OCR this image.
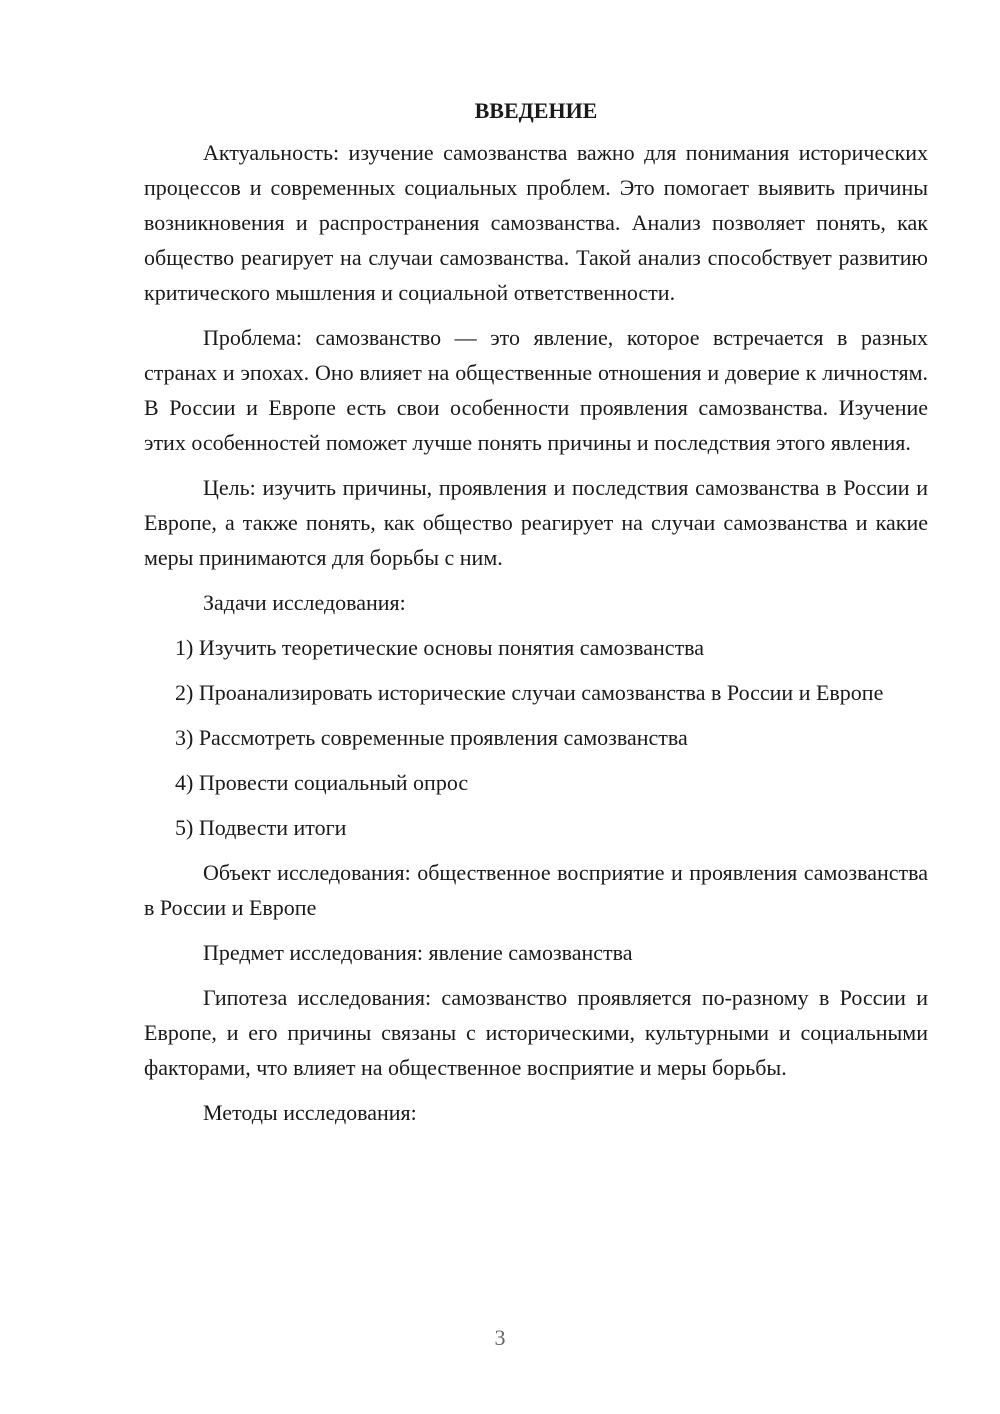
ВВЕДЕНИЕ

Актуальность: изучение самозванства важно для понимания исторических процессов и современных социальных проблем. Это помогает выявить причины возникновения и распространения самозванства. Анализ позволяет понять, как общество реагирует на случаи самозванства. Такой анализ способствует развитию критического мышления и социальной ответственности.

Проблема: самозванство — это явление, которое встречается в разных странах и эпохах. Оно влияет на общественные отношения и доверие к личностям. В России и Европе есть свои особенности проявления самозванства. Изучение этих особенностей поможет лучше понять причины и последствия этого явления.

Цель: изучить причины, проявления и последствия самозванства в России и Европе, а также понять, как общество реагирует на случаи самозванства и какие меры принимаются для борьбы с ним.

Задачи исследования:

1) Изучить теоретические основы понятия самозванства

2) Проанализировать исторические случаи самозванства в России и Европе

3) Рассмотреть современные проявления самозванства

4) Провести социальный опрос

5) Подвести итоги

Объект исследования: общественное восприятие и проявления самозванства в России и Европе

Предмет исследования: явление самозванства

Гипотеза исследования: самозванство проявляется по-разному в России и Европе, и его причины связаны с историческими, культурными и социальными факторами, что влияет на общественное восприятие и меры борьбы.

Методы исследования:

3
